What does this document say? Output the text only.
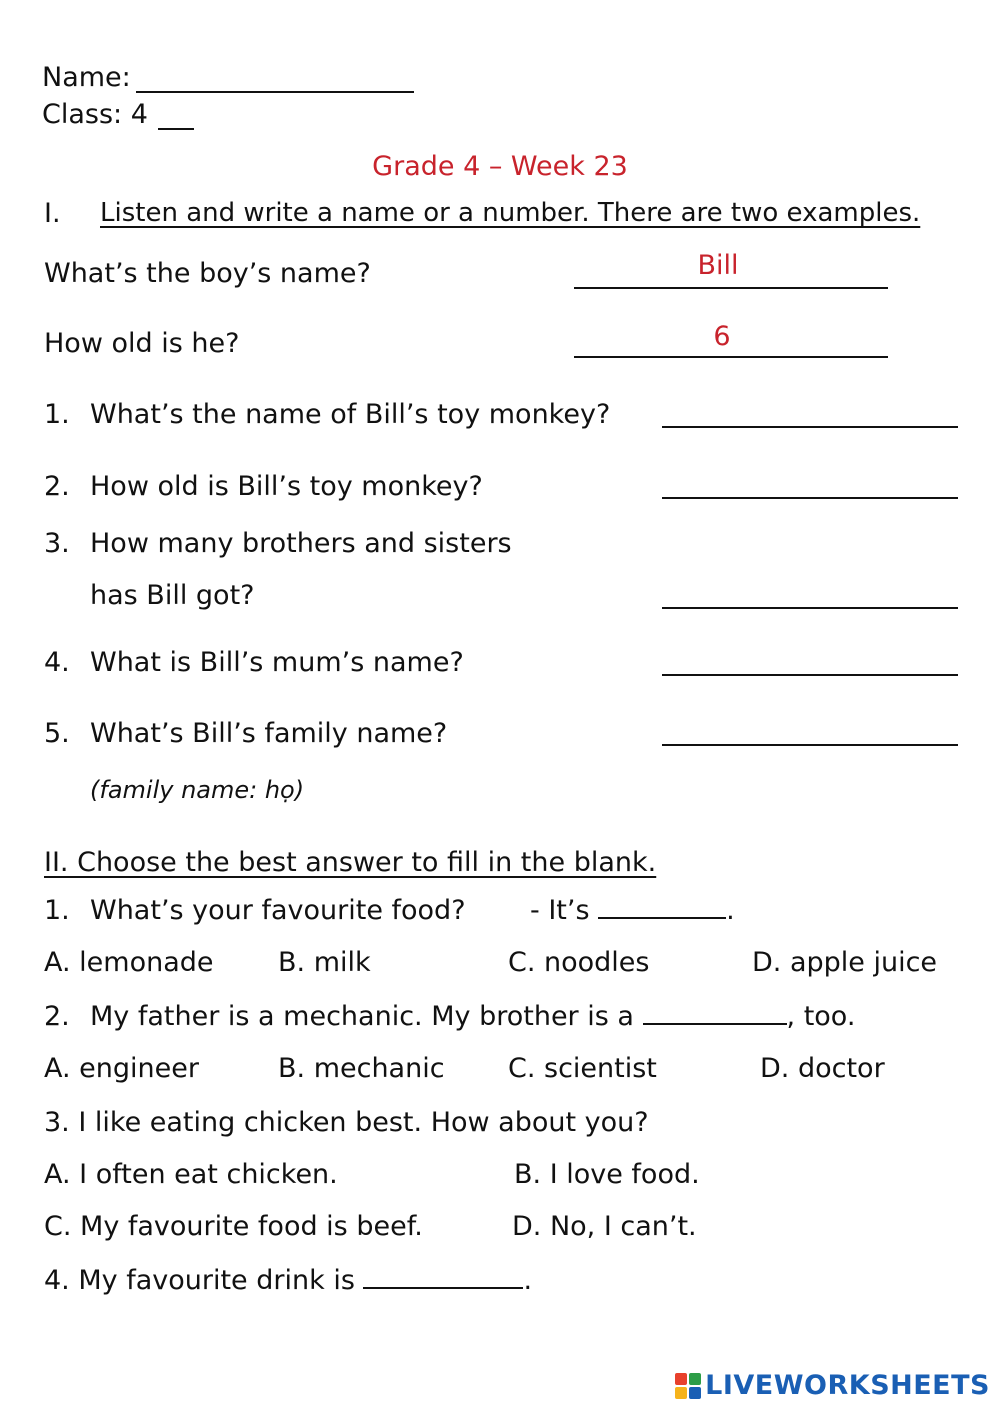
Name:
Class: 4
Grade 4 – Week 23
I. Listen and write a name or a number. There are two examples.
What’s the boy’s name?	Bill
How old is he?	6
1. What’s the name of Bill’s toy monkey?
2. How old is Bill’s toy monkey?
3. How many brothers and sisters
has Bill got?
4. What is Bill’s mum’s name?
5. What’s Bill’s family name?
(family name: họ)
II. Choose the best answer to fill in the blank.
1. What’s your favourite food? - It’s	.
A. lemonade B. milk	C. noodles	D. apple juice
2. My father is a mechanic. My brother is a	, too.
A. engineer	B. mechanic C. scientist	D. doctor
3. I like eating chicken best. How about you?
A. I often eat chicken.	B. I love food.
C. My favourite food is beef.	D. No, I can’t.
4. My favourite drink is	.
LIVEWORKSHEETS
